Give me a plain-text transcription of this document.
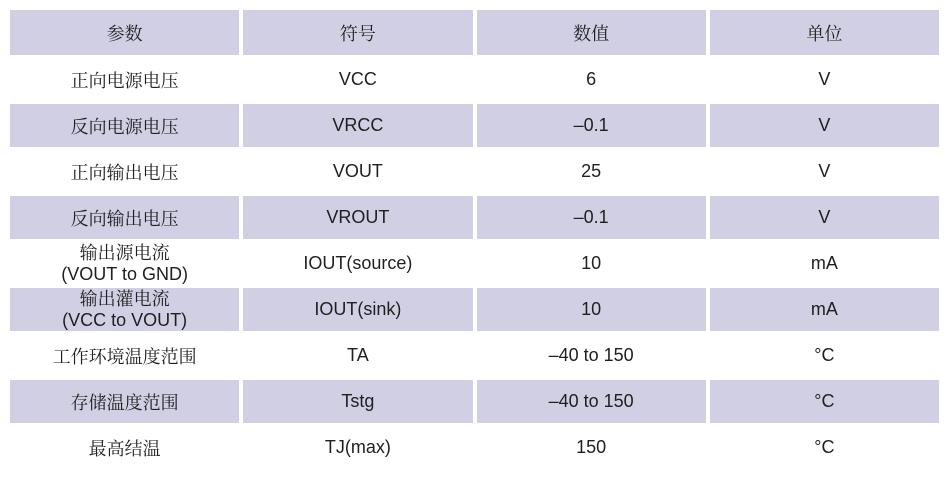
参数	符号	数值	单位
正向电源电压	VCC	6	V
反向电源电压	VRCC	–0.1	V
正向输出电压	VOUT	25	V
反向输出电压	VROUT	–0.1	V

输出源电流
(VOUT to GND)	IOUT(source)	10	mA

输出灌电流
(VCC to VOUT)	IOUT(sink)	10	mA
工作环境温度范围	TA	–40 to 150	°C
存储温度范围	Tstg	–40 to 150	°C
最高结温	TJ(max)	150	°C
